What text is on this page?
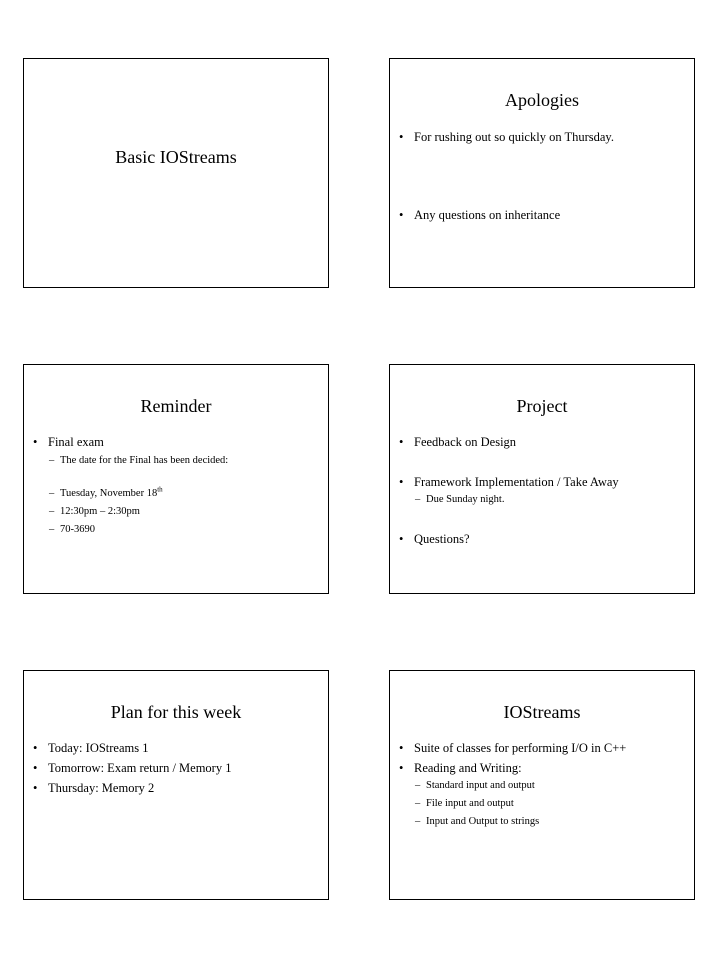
Basic IOStreams
Apologies
• For rushing out so quickly on Thursday.
• Any questions on inheritance
Reminder
• Final exam
– The date for the Final has been decided:
– Tuesday, November 18th
– 12:30pm – 2:30pm
– 70-3690
Project
• Feedback on Design
• Framework Implementation / Take Away
– Due Sunday night.
• Questions?
Plan for this week
• Today: IOStreams 1
• Tomorrow: Exam return / Memory 1
• Thursday: Memory 2
IOStreams
• Suite of classes for performing I/O in C++
• Reading and Writing:
– Standard input and output
– File input and output
– Input and Output to strings
